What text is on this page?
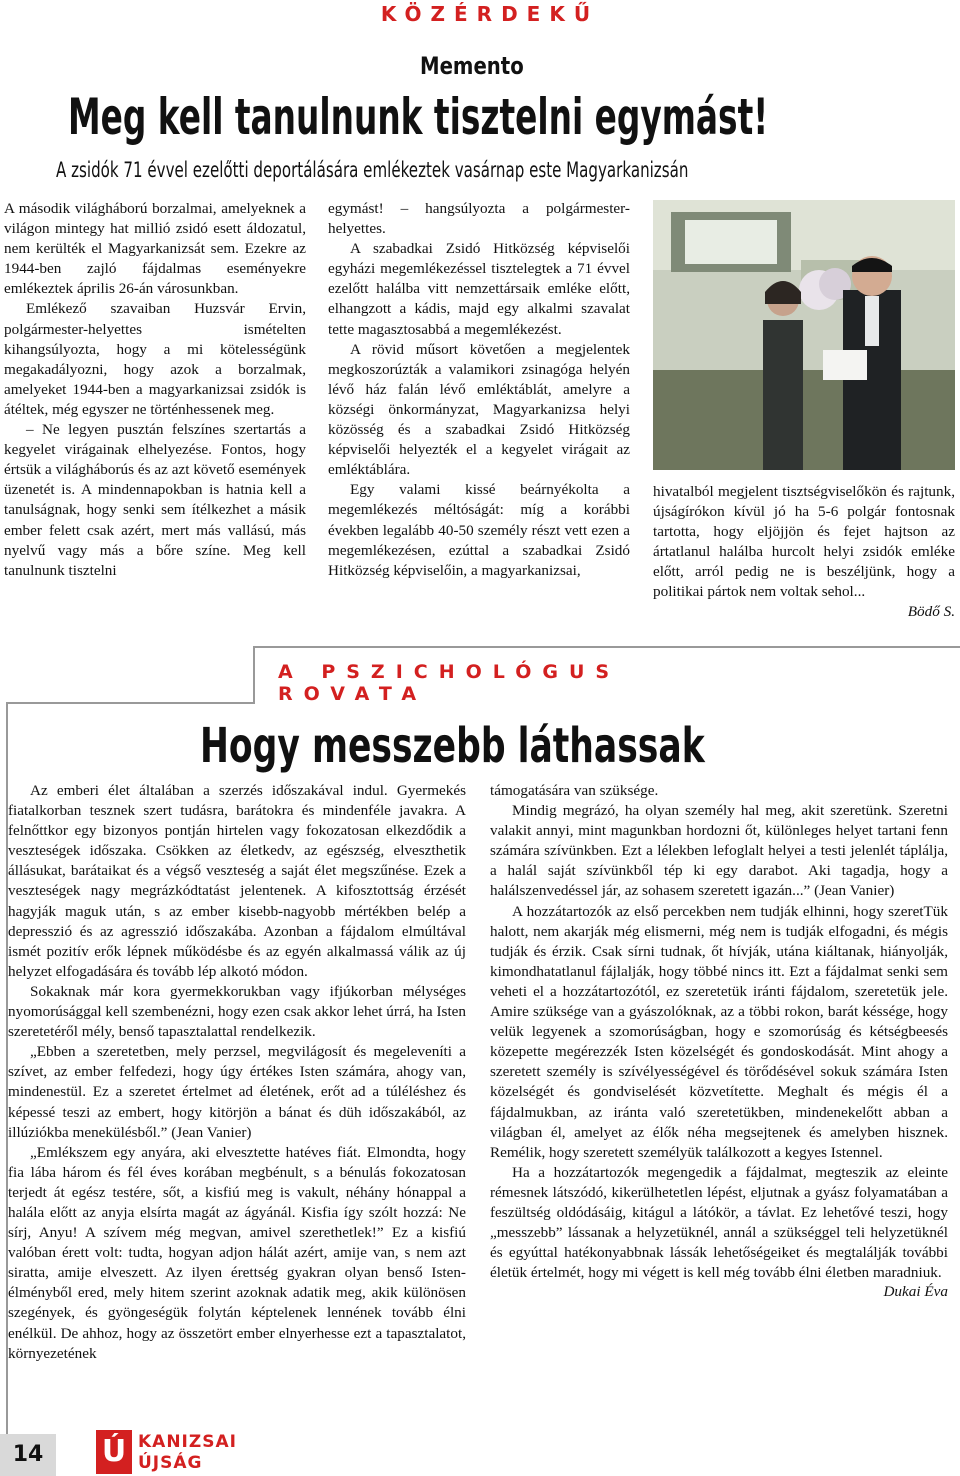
KÖZÉRDEKŰ
Memento
Meg kell tanulnunk tisztelni egymást!
A zsidók 71 évvel ezelőtti deportálására emlékeztek vasárnap este Magyarkanizsán

A második világháború borzalmai, amelyeknek a világon mintegy hat millió zsidó esett áldozatul, nem kerülték el Magyarkanizsát sem. Ezekre az 1944-ben zajló fájdalmas eseményekre emlékeztek április 26-án városunkban.

Emlékező szavaiban Huzsvár Ervin, polgármester-helyettes ismételten kihangsúlyozta, hogy a mi kötelességünk megakadályozni, hogy azok a borzalmak, amelyeket 1944-ben a magyarkanizsai zsidók is átéltek, még egyszer ne történhessenek meg.

– Ne legyen pusztán felszínes szertartás a kegyelet virágainak elhelyezése. Fontos, hogy értsük a világháborús és az azt követő események üzenetét is. A mindennapokban is hatnia kell a tanulságnak, hogy senki sem ítélkezhet a másik ember felett csak azért, mert más vallású, más nyelvű vagy más a bőre színe. Meg kell tanulnunk tisztelni

egymást! – hangsúlyozta a polgármester-helyettes.

A szabadkai Zsidó Hitközség képviselői egyházi megemlékezéssel tisztelegtek a 71 évvel ezelőtt halálba vitt nemzettársaik emléke előtt, elhangzott a kádis, majd egy alkalmi szavalat tette magasztosabbá a megemlékezést.

A rövid műsort követően a megjelentek megkoszorúzták a valamikori zsinagóga helyén lévő ház falán lévő emléktáblát, amelyre a községi önkormányzat, Magyarkanizsa helyi közösség és a szabadkai Zsidó Hitközség képviselői helyezték el a kegyelet virágait az emléktáblára.

Egy valami kissé beárnyékolta a megemlékezés méltóságát: míg a korábbi években legalább 40-50 személy részt vett ezen a megemlékezésen, ezúttal a szabadkai Zsidó Hitközség képviselőin, a magyarkanizsai,

hivatalból megjelent tisztségviselőkön és rajtunk, újságírókon kívül jó ha 5-6 polgár fontosnak tartotta, hogy eljöjjön és fejet hajtson az ártatlanul halálba hurcolt helyi zsidók emléke előtt, arról pedig ne is beszéljünk, hogy a politikai pártok nem voltak sehol...

Bödő S.
A PSZICHOLÓGUS ROVATA
Hogy messzebb láthassak

Az emberi élet általában a szerzés időszakával indul. Gyermekés fiatalkorban tesznek szert tudásra, barátokra és mindenféle javakra. A felnőttkor egy bizonyos pontján hirtelen vagy fokozatosan elkezdődik a veszteségek időszaka. Csökken az életkedv, az egészség, elveszthetik állásukat, barátaikat és a végső veszteség a saját élet megszűnése. Ezek a veszteségek nagy megrázkódtatást jelentenek. A kifosztottság érzését hagyják maguk után, s az ember kisebb-nagyobb mértékben belép a depresszió és az agresszió időszakába. Azonban a fájdalom elmúltával ismét pozitív erők lépnek működésbe és az egyén alkalmassá válik az új helyzet elfogadására és tovább lép alkotó módon.

Sokaknak már kora gyermekkorukban vagy ifjúkorban mélységes nyomorúsággal kell szembenézni, hogy ezen csak akkor lehet úrrá, ha Isten szeretetéről mély, benső tapasztalattal rendelkezik.

„Ebben a szeretetben, mely perzsel, megvilágosít és megeleveníti a szívet, az ember felfedezi, hogy úgy értékes Isten számára, ahogy van, mindenestül. Ez a szeretet értelmet ad életének, erőt ad a túléléshez és képessé teszi az embert, hogy kitörjön a bánat és düh időszakából, az illúziókba menekülésből.” (Jean Vanier)

„Emlékszem egy anyára, aki elvesztette hatéves fiát. Elmondta, hogy fia lába három és fél éves korában megbénult, s a bénulás fokozatosan terjedt át egész testére, sőt, a kisfiú meg is vakult, néhány hónappal a halála előtt az anyja elsírta magát az ágyánál. Kisfia így szólt hozzá: Ne sírj, Anyu! A szívem még megvan, amivel szerethetlek!” Ez a kisfiú valóban érett volt: tudta, hogyan adjon hálát azért, amije van, s nem azt siratta, amije elveszett. Az ilyen érettség gyakran olyan benső Isten-élményből ered, mely hitem szerint azoknak adatik meg, akik különösen szegények, és gyöngeségük folytán képtelenek lennének tovább élni enélkül. De ahhoz, hogy az összetört ember elnyerhesse ezt a tapasztalatot, környezetének

támogatására van szüksége.

Mindig megrázó, ha olyan személy hal meg, akit szeretünk. Szeretni valakit annyi, mint magunkban hordozni őt, különleges helyet tartani fenn számára szívünkben. Ezt a lélekben lefoglalt helyei a testi jelenlét táplálja, a halál saját szívünkből tép ki egy darabot. Aki tagadja, hogy a halálszenvedéssel jár, az sohasem szeretett igazán...” (Jean Vanier)

A hozzátartozók az első percekben nem tudják elhinni, hogy szeretTük halott, nem akarják még elismerni, még nem is tudják elfogadni, és mégis tudják és érzik. Csak sírni tudnak, őt hívják, utána kiáltanak, hiányolják, kimondhatatlanul fájlalják, hogy többé nincs itt. Ezt a fájdalmat senki sem veheti el a hozzátartozótól, ez szeretetük iránti fájdalom, szeretetük jele. Amire szüksége van a gyászolóknak, az a többi rokon, barát késsége, hogy velük legyenek a szomorúságban, hogy e szomorúság és kétségbeesés közepette megérezzék Isten közelségét és gondoskodását. Mint ahogy a szeretett személy is szívélyességével és törődésével sokuk számára Isten közelségét és gondviselését közvetítette. Meghalt és mégis él a fájdalmukban, az iránta való szeretetükben, mindenekelőtt abban a világban él, amelyet az élők néha megsejtenek és amelyben hisznek. Remélik, hogy szeretett személyük találkozott a kegyes Istennel.

Ha a hozzátartozók megengedik a fájdalmat, megteszik az eleinte rémesnek látszódó, kikerülhetetlen lépést, eljutnak a gyász folyamatában a feszültség oldódásáig, kitágul a látókör, a távlat. Ez lehetővé teszi, hogy „messzebb” lássanak a helyzetüknél, annál a szükséggel teli helyzetüknél és egyúttal hatékonyabbnak lássák lehetőségeiket és megtalálják további életük értelmét, hogy mi végett is kell még tovább élni életben maradniuk.

Dukai Éva
14	Ú KANIZSAI
ÚJSÁG
